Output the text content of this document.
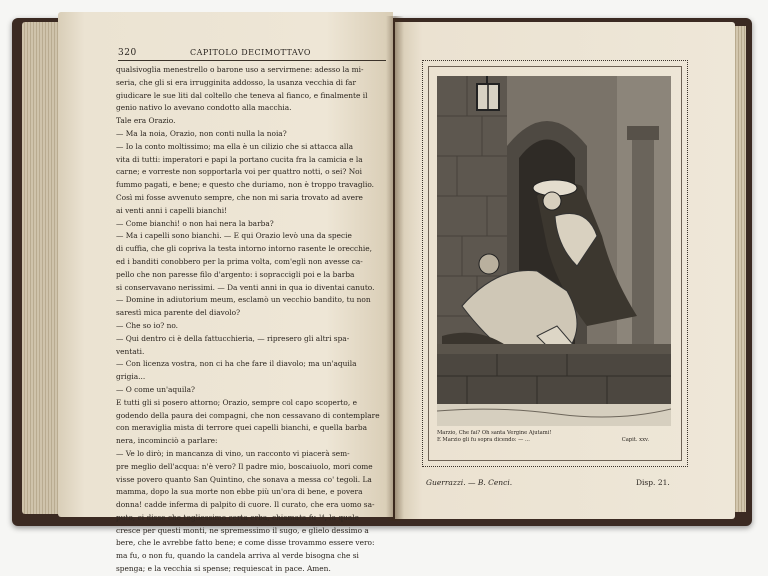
320	CAPITOLO DECIMOTTAVO
qualsivoglia menestrello o barone uso a servirmene: adesso la mi-
seria, che gli si era irrugginita addosso, la usanza vecchia di far
giudicare le sue liti dal coltello che teneva al fianco, e finalmente il
genio nativo lo avevano condotto alla macchia.
Tale era Orazio.
— Ma la noia, Orazio, non conti nulla la noia?
— Io la conto moltissimo; ma ella è un cilizio che si attacca alla
vita di tutti: imperatori e papi la portano cucita fra la camicia e la
carne; e vorreste non sopportarla voi per quattro notti, o sei? Noi
fummo pagati, e bene; e questo che duriamo, non è troppo travaglio.
Così mi fosse avvenuto sempre, che non mi saria trovato ad avere
ai venti anni i capelli bianchi!
— Come bianchi! o non hai nera la barba?
— Ma i capelli sono bianchi. — E qui Orazio levò una da specie
di cuffia, che gli copriva la testa intorno intorno rasente le orecchie,
ed i banditi conobbero per la prima volta, com'egli non avesse ca-
pello che non paresse filo d'argento: i sopraccigli poi e la barba
si conservavano nerissimi. — Da venti anni in qua io diventai canuto.
— Domine in adiutorium meum, esclamò un vecchio bandito, tu non
sarestì mica parente del diavolo?
— Che so io? no.
— Qui dentro ci è della fattucchieria, — ripresero gli altri spa-
ventati.
— Con licenza vostra, non ci ha che fare il diavolo; ma un'aquila
grigia...
— O come un'aquila?
E tutti gli si posero attorno; Orazio, sempre col capo scoperto, e
godendo della paura dei compagni, che non cessavano di contemplare
con meraviglia mista di terrore quei capelli bianchi, e quella barba
nera, incominciò a parlare:
— Ve lo dirò; in mancanza di vino, un racconto vi piacerà sem-
pre meglio dell'acqua: n'è vero? Il padre mio, boscaiuolo, mori come
visse povero quanto San Quintino, che sonava a messa co' tegoli. La
mamma, dopo la sua morte non ebbe più un'ora di bene, e povera
donna! cadde inferma di palpito di cuore. Il curato, che era uomo sa-
puto, ci disse che togliessimo certa erba, chiamata fu ¹⁴, la quale
cresce per questi monti, ne spremessimo il sugo, e glielo dessimo a
bere, che le avrebbe fatto bene; e come disse trovammo essere vero:
ma fu, o non fu, quando la candela arriva al verde bisogna che si
spenga; e la vecchia si spense; requiescat in pace. Amen.
Marzio, Che fai? Oh santa Vergine Ajutami!
E Marzio gli fu sopra dicendo: — ...	Capit. xxv.
Guerrazzi. — B. Cenci.	Disp. 21.
